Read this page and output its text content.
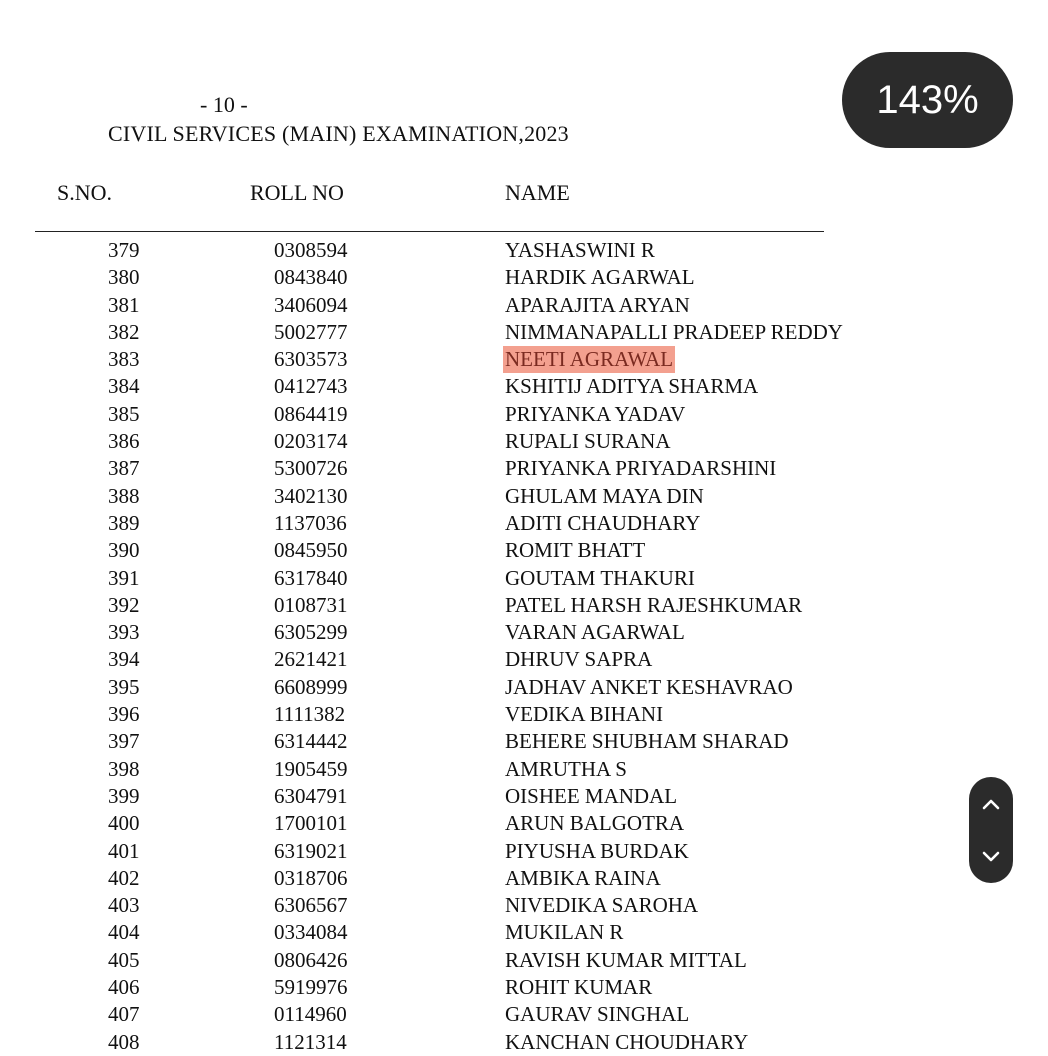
- 10 -
CIVIL SERVICES (MAIN) EXAMINATION,2023
S.NO.	ROLL NO	NAME
379	0308594	YASHASWINI R
380	0843840	HARDIK AGARWAL
381	3406094	APARAJITA ARYAN
382	5002777	NIMMANAPALLI PRADEEP REDDY
383	6303573	NEETI AGRAWAL
384	0412743	KSHITIJ ADITYA SHARMA
385	0864419	PRIYANKA YADAV
386	0203174	RUPALI SURANA
387	5300726	PRIYANKA PRIYADARSHINI
388	3402130	GHULAM MAYA DIN
389	1137036	ADITI CHAUDHARY
390	0845950	ROMIT BHATT
391	6317840	GOUTAM THAKURI
392	0108731	PATEL HARSH RAJESHKUMAR
393	6305299	VARAN AGARWAL
394	2621421	DHRUV SAPRA
395	6608999	JADHAV ANKET KESHAVRAO
396	1111382	VEDIKA BIHANI
397	6314442	BEHERE SHUBHAM SHARAD
398	1905459	AMRUTHA S
399	6304791	OISHEE MANDAL
400	1700101	ARUN BALGOTRA
401	6319021	PIYUSHA BURDAK
402	0318706	AMBIKA RAINA
403	6306567	NIVEDIKA SAROHA
404	0334084	MUKILAN R
405	0806426	RAVISH KUMAR MITTAL
406	5919976	ROHIT KUMAR
407	0114960	GAURAV SINGHAL
408	1121314	KANCHAN CHOUDHARY
143%
